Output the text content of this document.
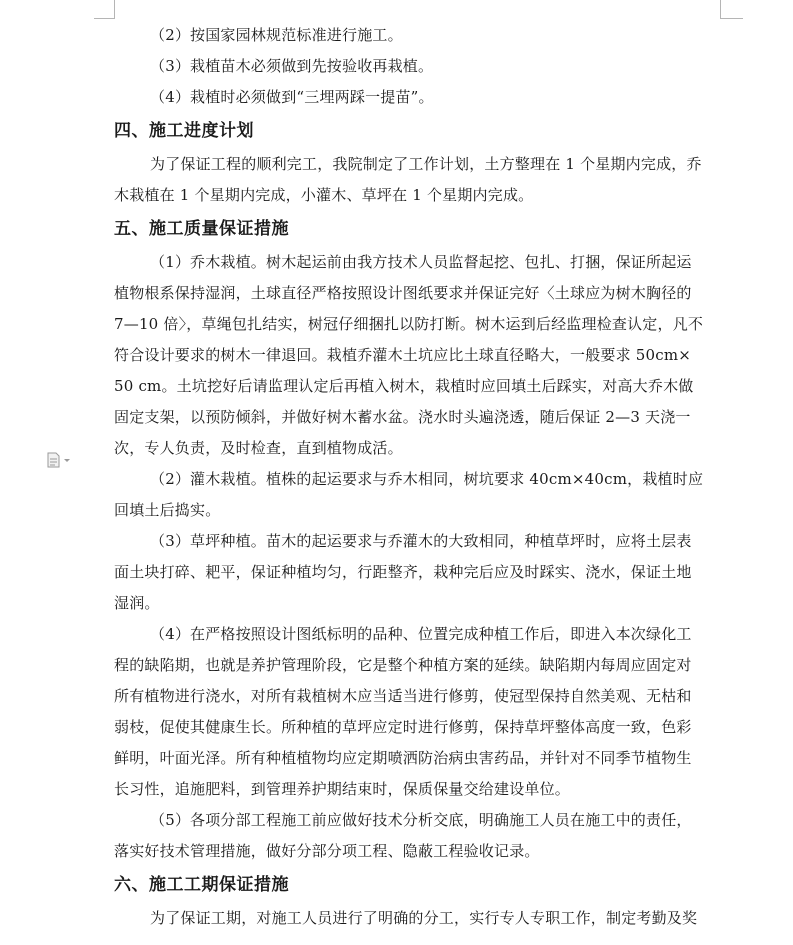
（2）按国家园林规范标准进行施工。
（3）栽植苗木必须做到先按验收再栽植。
（4）栽植时必须做到“三埋两踩一提苗”。
四、施工进度计划
为了保证工程的顺利完工，我院制定了工作计划，土方整理在 1 个星期内完成，乔
木栽植在 1 个星期内完成，小灌木、草坪在 1 个星期内完成。
五、施工质量保证措施
（1）乔木栽植。树木起运前由我方技术人员监督起挖、包扎、打捆，保证所起运
植物根系保持湿润，土球直径严格按照设计图纸要求并保证完好〈土球应为树木胸径的
7—10 倍〉，草绳包扎结实，树冠仔细捆扎以防打断。树木运到后经监理检查认定，凡不
符合设计要求的树木一律退回。栽植乔灌木土坑应比土球直径略大，一般要求 50cm×
50 cm。土坑挖好后请监理认定后再植入树木，栽植时应回填土后踩实，对高大乔木做
固定支架，以预防倾斜，并做好树木蓄水盆。浇水时头遍浇透，随后保证 2—3 天浇一
次，专人负责，及时检查，直到植物成活。
（2）灌木栽植。植株的起运要求与乔木相同，树坑要求 40cm×40cm，栽植时应
回填土后捣实。
（3）草坪种植。苗木的起运要求与乔灌木的大致相同，种植草坪时，应将土层表
面土块打碎、耙平，保证种植均匀，行距整齐，栽种完后应及时踩实、浇水，保证土地
湿润。
（4）在严格按照设计图纸标明的品种、位置完成种植工作后，即进入本次绿化工
程的缺陷期，也就是养护管理阶段，它是整个种植方案的延续。缺陷期内每周应固定对
所有植物进行浇水，对所有栽植树木应当适当进行修剪，使冠型保持自然美观、无枯和
弱枝，促使其健康生长。所种植的草坪应定时进行修剪，保持草坪整体高度一致，色彩
鲜明，叶面光泽。所有种植植物均应定期喷洒防治病虫害药品，并针对不同季节植物生
长习性，追施肥料，到管理养护期结束时，保质保量交给建设单位。
（5）各项分部工程施工前应做好技术分析交底，明确施工人员在施工中的责任，
落实好技术管理措施，做好分部分项工程、隐蔽工程验收记录。
六、施工工期保证措施
为了保证工期，对施工人员进行了明确的分工，实行专人专职工作，制定考勤及奖
